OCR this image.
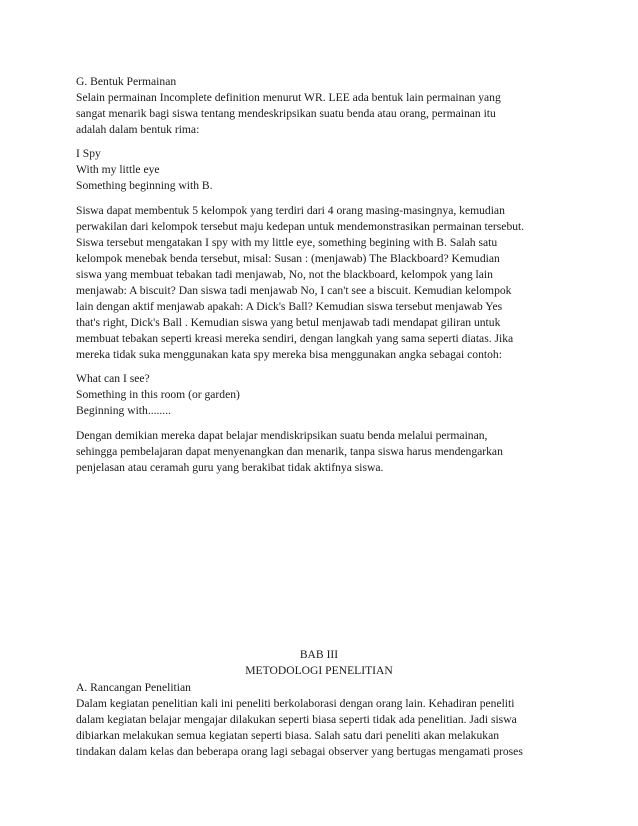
G. Bentuk Permainan
Selain permainan Incomplete definition menurut WR. LEE ada bentuk lain permainan yang
sangat menarik bagi siswa tentang mendeskripsikan suatu benda atau orang, permainan itu
adalah dalam bentuk rima:
I Spy
With my little eye
Something beginning with B.
Siswa dapat membentuk 5 kelompok yang terdiri dari 4 orang masing-masingnya, kemudian
perwakilan dari kelompok tersebut maju kedepan untuk mendemonstrasikan permainan tersebut.
Siswa tersebut mengatakan I spy with my little eye, something begining with B. Salah satu
kelompok menebak benda tersebut, misal: Susan : (menjawab) The Blackboard? Kemudian
siswa yang membuat tebakan tadi menjawab, No, not the blackboard, kelompok yang lain
menjawab: A biscuit? Dan siswa tadi menjawab No, I can't see a biscuit. Kemudian kelompok
lain dengan aktif menjawab apakah: A Dick's Ball? Kemudian siswa tersebut menjawab Yes
that's right, Dick's Ball . Kemudian siswa yang betul menjawab tadi mendapat giliran untuk
membuat tebakan seperti kreasi mereka sendiri, dengan langkah yang sama seperti diatas. Jika
mereka tidak suka menggunakan kata spy mereka bisa menggunakan angka sebagai contoh:
What can I see?
Something in this room (or garden)
Beginning with........
Dengan demikian mereka dapat belajar mendiskripsikan suatu benda melalui permainan,
sehingga pembelajaran dapat menyenangkan dan menarik, tanpa siswa harus mendengarkan
penjelasan atau ceramah guru yang berakibat tidak aktifnya siswa.
BAB III
METODOLOGI PENELITIAN
A. Rancangan Penelitian
Dalam kegiatan penelitian kali ini peneliti berkolaborasi dengan orang lain. Kehadiran peneliti
dalam kegiatan belajar mengajar dilakukan seperti biasa seperti tidak ada penelitian. Jadi siswa
dibiarkan melakukan semua kegiatan seperti biasa. Salah satu dari peneliti akan melakukan
tindakan dalam kelas dan beberapa orang lagi sebagai observer yang bertugas mengamati proses
